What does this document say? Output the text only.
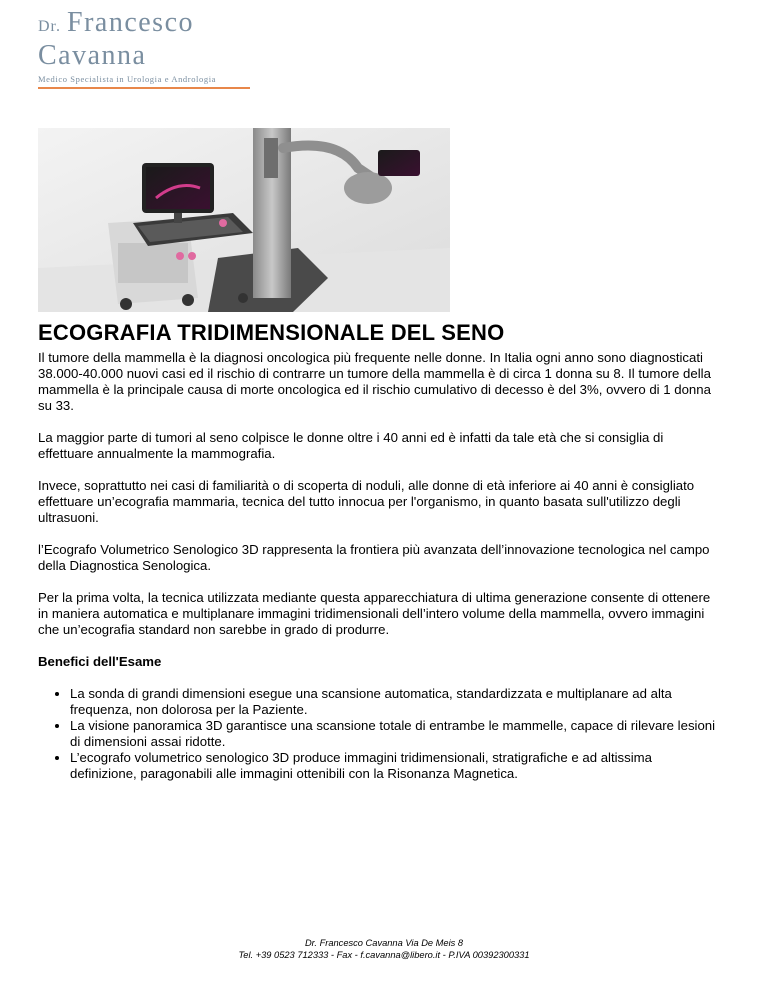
Dr. Francesco
Cavanna
Medico Specialista in Urologia e Andrologia
ECOGRAFIA TRIDIMENSIONALE DEL SENO

Il tumore della mammella è la diagnosi oncologica più frequente nelle donne. In Italia ogni anno sono diagnosticati 38.000-40.000 nuovi casi ed il rischio di contrarre un tumore della mammella è di circa 1 donna su 8. Il tumore della mammella è la principale causa di morte oncologica ed il rischio cumulativo di decesso è del 3%, ovvero di 1 donna su 33.

La maggior parte di tumori al seno colpisce le donne oltre i 40 anni ed è infatti da tale età che si consiglia di effettuare annualmente la mammografia.

Invece, soprattutto nei casi di familiarità o di scoperta di noduli, alle donne di età inferiore ai 40 anni è consigliato effettuare un’ecografia mammaria, tecnica del tutto innocua per l'organismo, in quanto basata sull'utilizzo degli ultrasuoni.

l’Ecografo Volumetrico Senologico 3D rappresenta la frontiera più avanzata dell’innovazione tecnologica nel campo della Diagnostica Senologica.

Per la prima volta, la tecnica utilizzata mediante questa apparecchiatura di ultima generazione consente di ottenere in maniera automatica e multiplanare immagini tridimensionali dell’intero volume della mammella, ovvero immagini che un’ecografia standard non sarebbe in grado di produrre.

Benefici dell'Esame

• La sonda di grandi dimensioni esegue una scansione automatica, standardizzata e multiplanare ad alta frequenza, non dolorosa per la Paziente.
• La visione panoramica 3D garantisce una scansione totale di entrambe le mammelle, capace di rilevare lesioni di dimensioni assai ridotte.
• L’ecografo volumetrico senologico 3D produce immagini tridimensionali, stratigrafiche e ad altissima definizione, paragonabili alle immagini ottenibili con la Risonanza Magnetica.
Dr. Francesco Cavanna Via De Meis 8
Tel. +39 0523 712333 - Fax - f.cavanna@libero.it - P.IVA 00392300331
